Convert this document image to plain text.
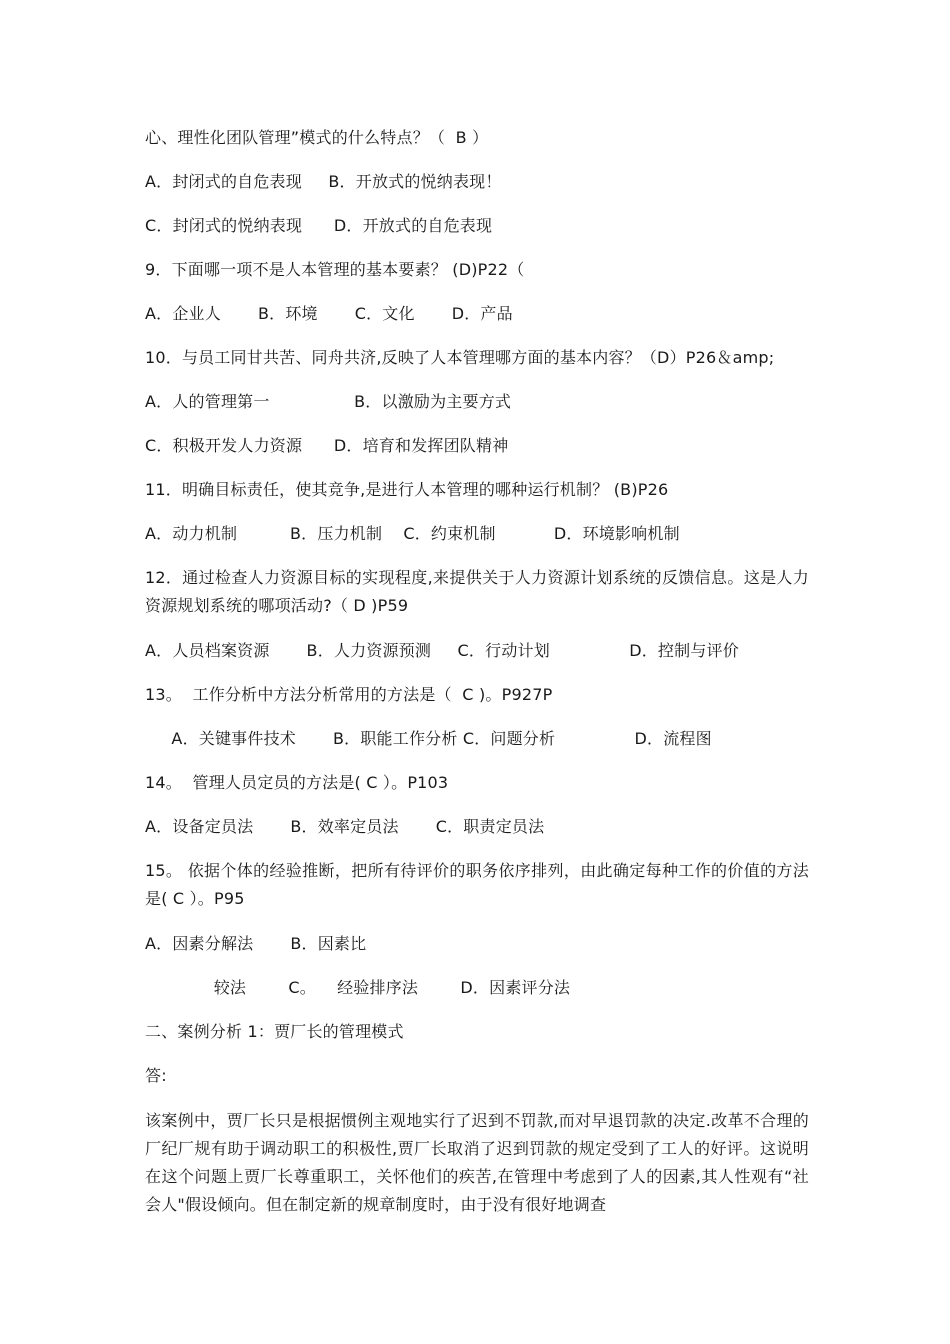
心、理性化团队管理”模式的什么特点？（  B ）
A．封闭式的自危表现     B．开放式的悦纳表现！
C．封闭式的悦纳表现      D．开放式的自危表现
9．下面哪一项不是人本管理的基本要素？ (D)P22（
A．企业人       B．环境       C．文化       D．产品
10．与员工同甘共苦、同舟共济,反映了人本管理哪方面的基本内容？（D）P26＆amp;
A．人的管理第一                B．以激励为主要方式
C．积极开发人力资源      D．培育和发挥团队精神
11．明确目标责任，使其竞争,是进行人本管理的哪种运行机制？ (B)P26
A．动力机制          B．压力机制    C．约束机制           D．环境影响机制
12．通过检查人力资源目标的实现程度,来提供关于人力资源计划系统的反馈信息。这是人力资源规划系统的哪项活动?（ D )P59
A．人员档案资源       B．人力资源预测     C．行动计划               D．控制与评价
13。  工作分析中方法分析常用的方法是（  C )。P927P
A．关键事件技术       B．职能工作分析 C．问题分析               D．流程图
14。  管理人员定员的方法是( C ）。P103
A．设备定员法       B．效率定员法       C．职责定员法
15。 依据个体的经验推断，把所有待评价的职务依序排列，由此确定每种工作的价值的方法是( C ）。P95
A．因素分解法       B．因素比
较法        C。    经验排序法        D．因素评分法
二、案例分析 1：贾厂长的管理模式
答:
该案例中，贾厂长只是根据惯例主观地实行了迟到不罚款,而对早退罚款的决定.改革不合理的厂纪厂规有助于调动职工的积极性,贾厂长取消了迟到罚款的规定受到了工人的好评。这说明在这个问题上贾厂长尊重职工，关怀他们的疾苦,在管理中考虑到了人的因素,其人性观有“社会人"假设倾向。但在制定新的规章制度时，由于没有很好地调查
